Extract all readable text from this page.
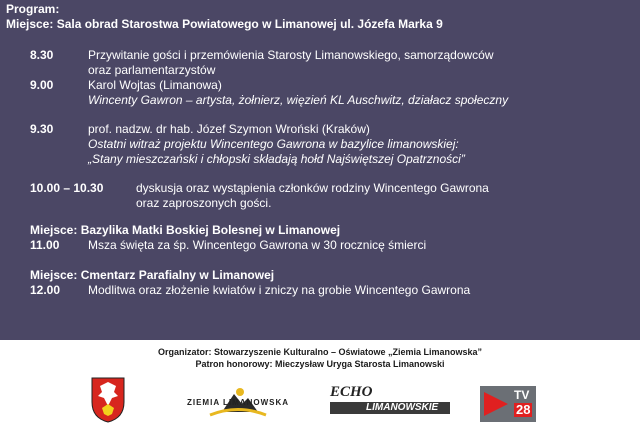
Program:
Miejsce: Sala obrad Starostwa Powiatowego w Limanowej ul. Józefa Marka 9
8.30	Przywitanie gości i przemówienia Starosty Limanowskiego, samorządowców
oraz parlamentarzystów
9.00	Karol Wojtas (Limanowa)
Wincenty Gawron – artysta, żołnierz, więzień KL Auschwitz, działacz społeczny
9.30	prof. nadzw. dr hab. Józef Szymon Wroński (Kraków)
Ostatni witraż projektu Wincentego Gawrona w bazylice limanowskiej:
„Stany mieszczański i chłopski składają hołd Najświętszej Opatrzności”
10.00 – 10.30	dyskusja oraz wystąpienia członków rodziny Wincentego Gawrona
oraz zaproszonych gości.
Miejsce: Bazylika Matki Boskiej Bolesnej w Limanowej
11.00 Msza święta za śp. Wincentego Gawrona w 30 rocznicę śmierci
Miejsce: Cmentarz Parafialny w Limanowej
12.00 Modlitwa oraz złożenie kwiatów i zniczy na grobie Wincentego Gawrona
Organizator: Stowarzyszenie Kulturalno – Oświatowe „Ziemia Limanowska”
Patron honorowy: Mieczysław Uryga Starosta Limanowski
ZIEMIA LIMANOWSKA
ECHO
LIMANOWSKIE
TV
28
